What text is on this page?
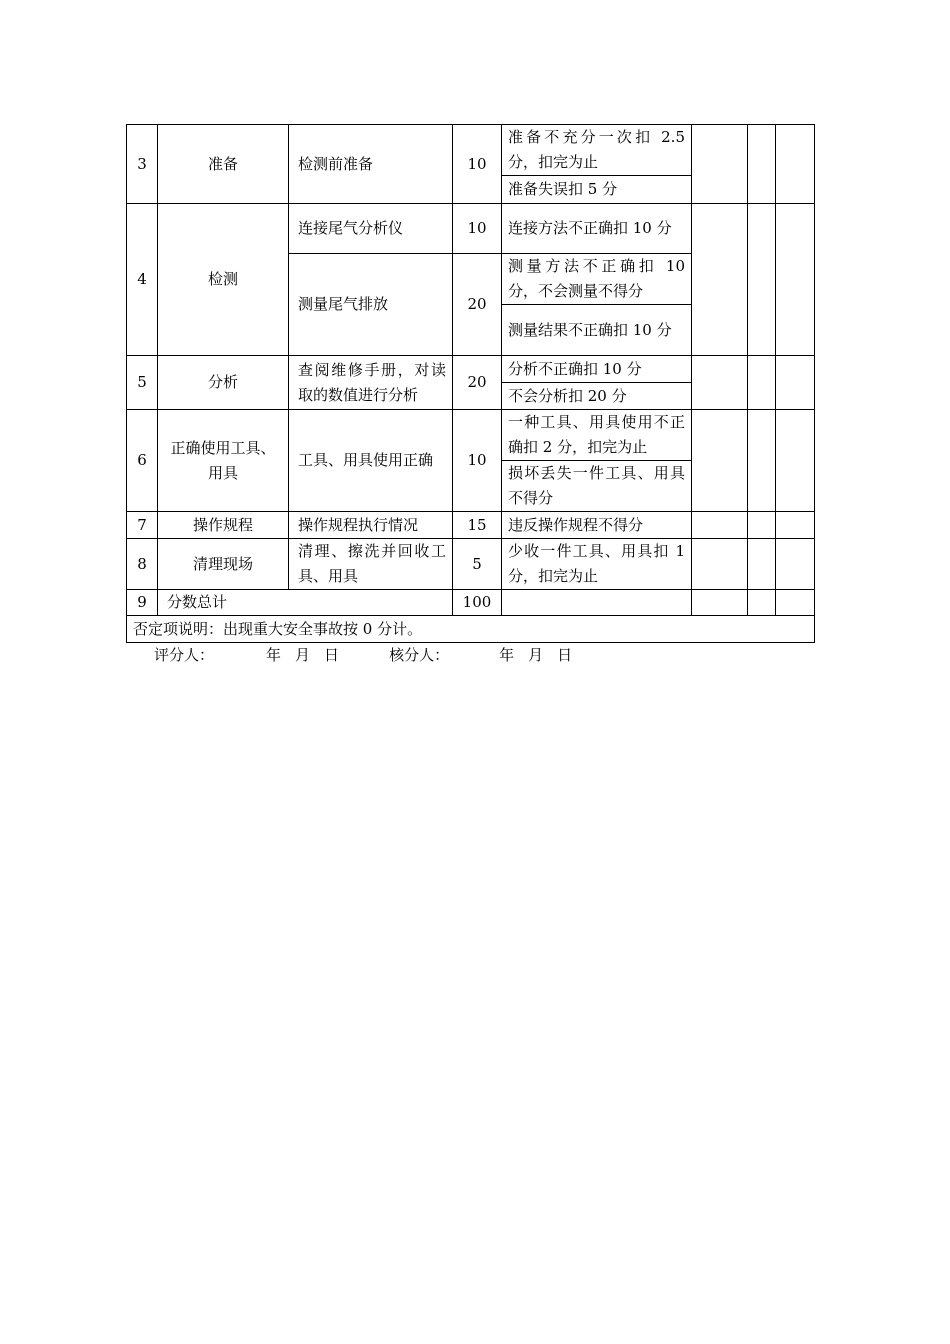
3	准备	检测前准备	10	准备不充分一次扣 2.5 分，扣完为止			
				准备失误扣 5 分			
4	检测	连接尾气分析仪	10	连接方法不正确扣 10 分			
		测量尾气排放	20	测量方法不正确扣 10 分，不会测量不得分			
				测量结果不正确扣 10 分			
5	分析	查阅维修手册，对读取的数值进行分析	20	分析不正确扣 10 分			
				不会分析扣 20 分			
6	正确使用工具、用具	工具、用具使用正确	10	一种工具、用具使用不正确扣 2 分，扣完为止			
				损坏丢失一件工具、用具不得分			
7	操作规程	操作规程执行情况	15	违反操作规程不得分			
8	清理现场	清理、擦洗并回收工具、用具	5	少收一件工具、用具扣 1 分，扣完为止			
9	分数总计		100				
否定项说明：出现重大安全事故按 0 分计。							
评分人：	年 月 日	核分人：	年 月 日
